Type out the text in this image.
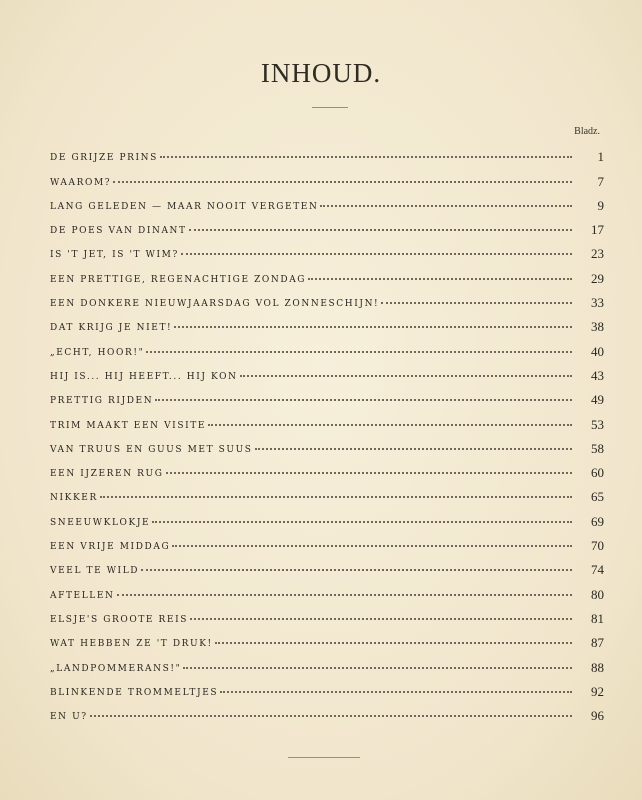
INHOUD.
Bladz.
DE GRIJZE PRINS	1
WAAROM?	7
LANG GELEDEN — MAAR NOOIT VERGETEN	9
DE POES VAN DINANT	17
IS 'T JET, IS 'T WIM?	23
EEN PRETTIGE, REGENACHTIGE ZONDAG	29
EEN DONKERE NIEUWJAARSDAG VOL ZONNESCHIJN!	33
DAT KRIJG JE NIET!	38
„ECHT, HOOR!"	40
HIJ IS... HIJ HEEFT... HIJ KON	43
PRETTIG RIJDEN	49
TRIM MAAKT EEN VISITE	53
VAN TRUUS EN GUUS MET SUUS	58
EEN IJZEREN RUG	60
NIKKER	65
SNEEUWKLOKJE	69
EEN VRIJE MIDDAG	70
VEEL TE WILD	74
AFTELLEN	80
ELSJE'S GROOTE REIS	81
WAT HEBBEN ZE 'T DRUK!	87
„LANDPOMMERANS!"	88
BLINKENDE TROMMELTJES	92
EN U?	96
